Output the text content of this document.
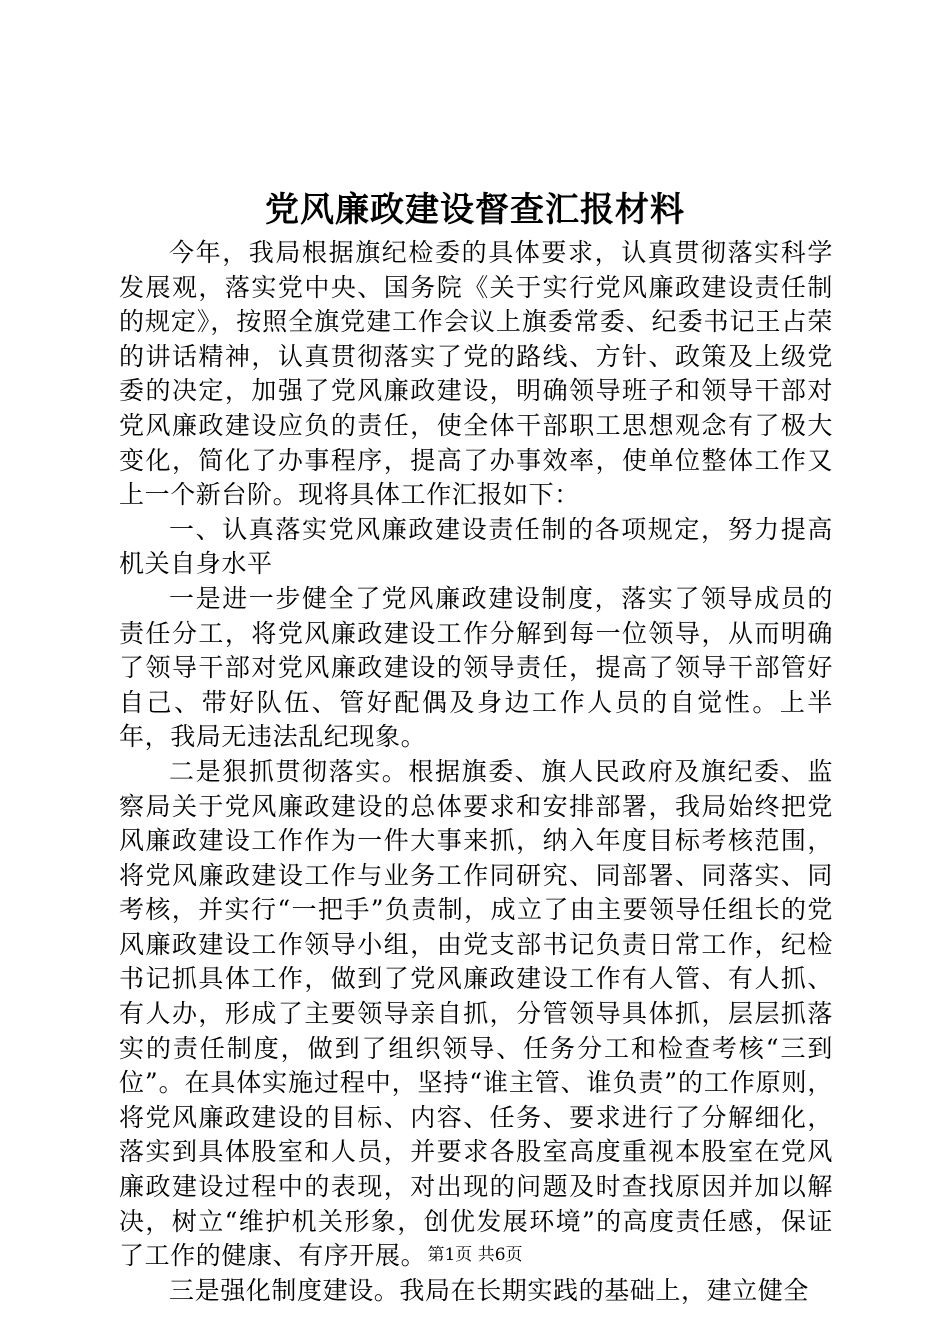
党风廉政建设督查汇报材料

今年，我局根据旗纪检委的具体要求，认真贯彻落实科学发展观，落实党中央、国务院《关于实行党风廉政建设责任制的规定》，按照全旗党建工作会议上旗委常委、纪委书记王占荣的讲话精神，认真贯彻落实了党的路线、方针、政策及上级党委的决定，加强了党风廉政建设，明确领导班子和领导干部对党风廉政建设应负的责任，使全体干部职工思想观念有了极大变化，简化了办事程序，提高了办事效率，使单位整体工作又上一个新台阶。现将具体工作汇报如下：

一、认真落实党风廉政建设责任制的各项规定，努力提高机关自身水平

一是进一步健全了党风廉政建设制度，落实了领导成员的责任分工，将党风廉政建设工作分解到每一位领导，从而明确了领导干部对党风廉政建设的领导责任，提高了领导干部管好自己、带好队伍、管好配偶及身边工作人员的自觉性。上半年，我局无违法乱纪现象。

二是狠抓贯彻落实。根据旗委、旗人民政府及旗纪委、监察局关于党风廉政建设的总体要求和安排部署，我局始终把党风廉政建设工作作为一件大事来抓，纳入年度目标考核范围，将党风廉政建设工作与业务工作同研究、同部署、同落实、同考核，并实行“一把手”负责制，成立了由主要领导任组长的党风廉政建设工作领导小组，由党支部书记负责日常工作，纪检书记抓具体工作，做到了党风廉政建设工作有人管、有人抓、有人办，形成了主要领导亲自抓，分管领导具体抓，层层抓落实的责任制度，做到了组织领导、任务分工和检查考核“三到位”。在具体实施过程中，坚持“谁主管、谁负责”的工作原则，将党风廉政建设的目标、内容、任务、要求进行了分解细化，落实到具体股室和人员，并要求各股室高度重视本股室在党风廉政建设过程中的表现，对出现的问题及时查找原因并加以解决，树立“维护机关形象，创优发展环境”的高度责任感，保证了工作的健康、有序开展。

三是强化制度建设。我局在长期实践的基础上，建立健全

第1页 共6页
